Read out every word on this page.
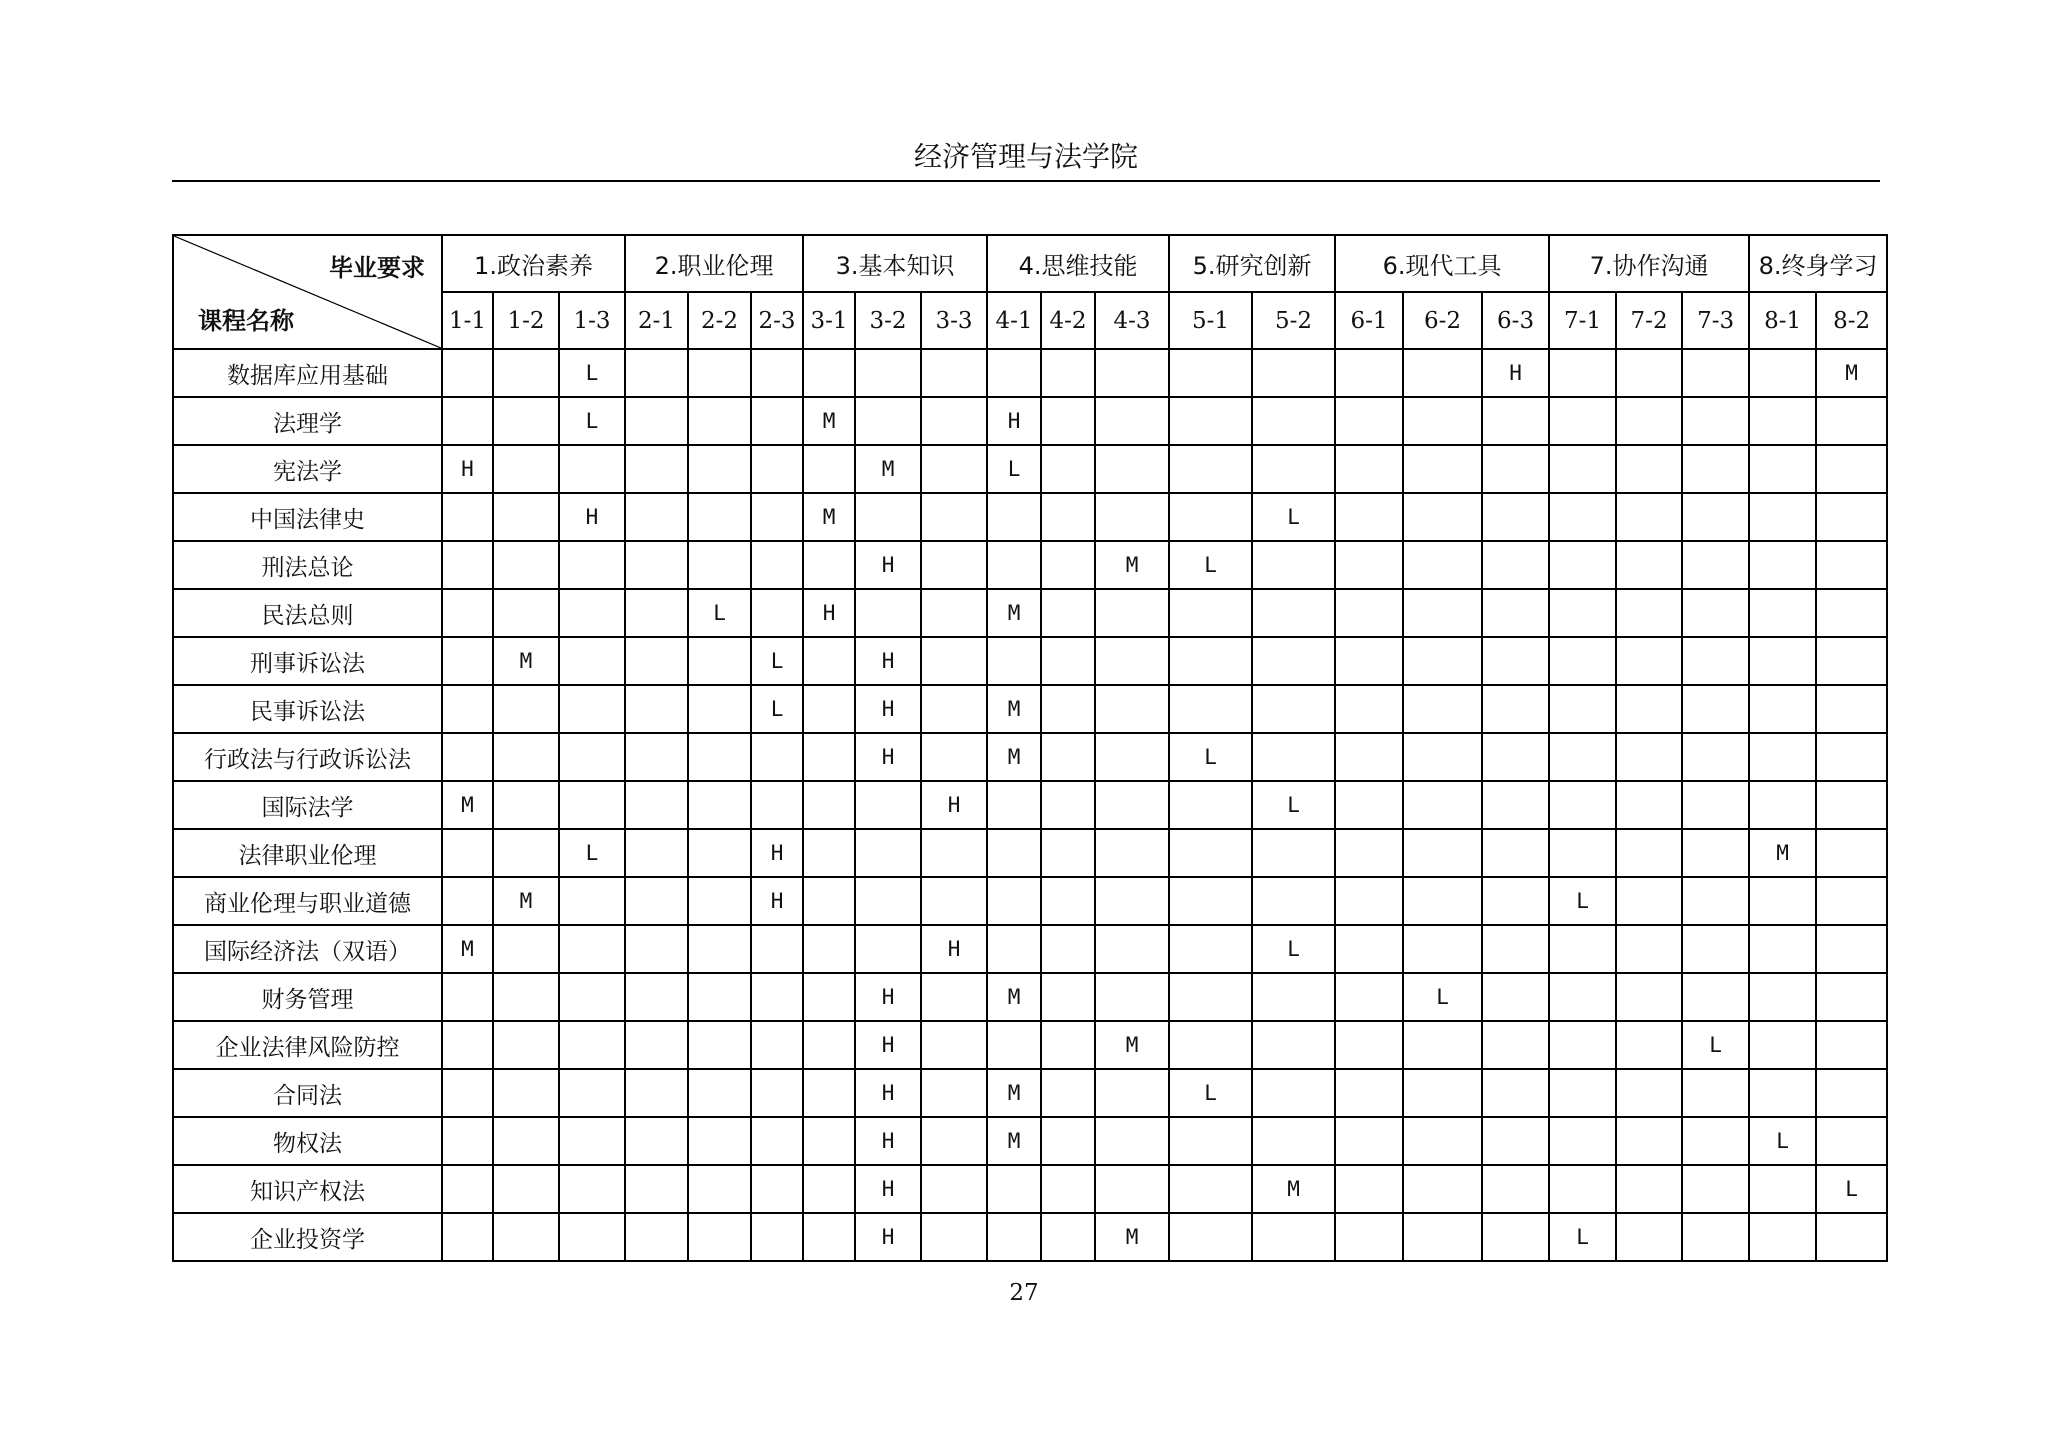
经济管理与法学院
毕业要求
课程名称	1.政治素养			2.职业伦理			3.基本知识			4.思维技能			5.研究创新		6.现代工具			7.协作沟通			8.终身学习	
	1-1	1-2	1-3	2-1	2-2	2-3	3-1	3-2	3-3	4-1	4-2	4-3	5-1	5-2	6-1	6-2	6-3	7-1	7-2	7-3	8-1	8-2
数据库应用基础			L														H					M
法理学			L				M			H												
宪法学	H							M		L												
中国法律史			H				M							L								
刑法总论								H				M	L									
民法总则					L		H			M												
刑事诉讼法		M				L		H														
民事诉讼法						L		H		M												
行政法与行政诉讼法								H		M			L									
国际法学	M								H					L								
法律职业伦理			L			H															M	
商业伦理与职业道德		M				H												L				
国际经济法（双语）	M								H					L								
财务管理								H		M						L						
企业法律风险防控								H				M								L		
合同法								H		M			L									
物权法								H		M											L	
知识产权法								H						M								L
企业投资学								H				M						L				
27
